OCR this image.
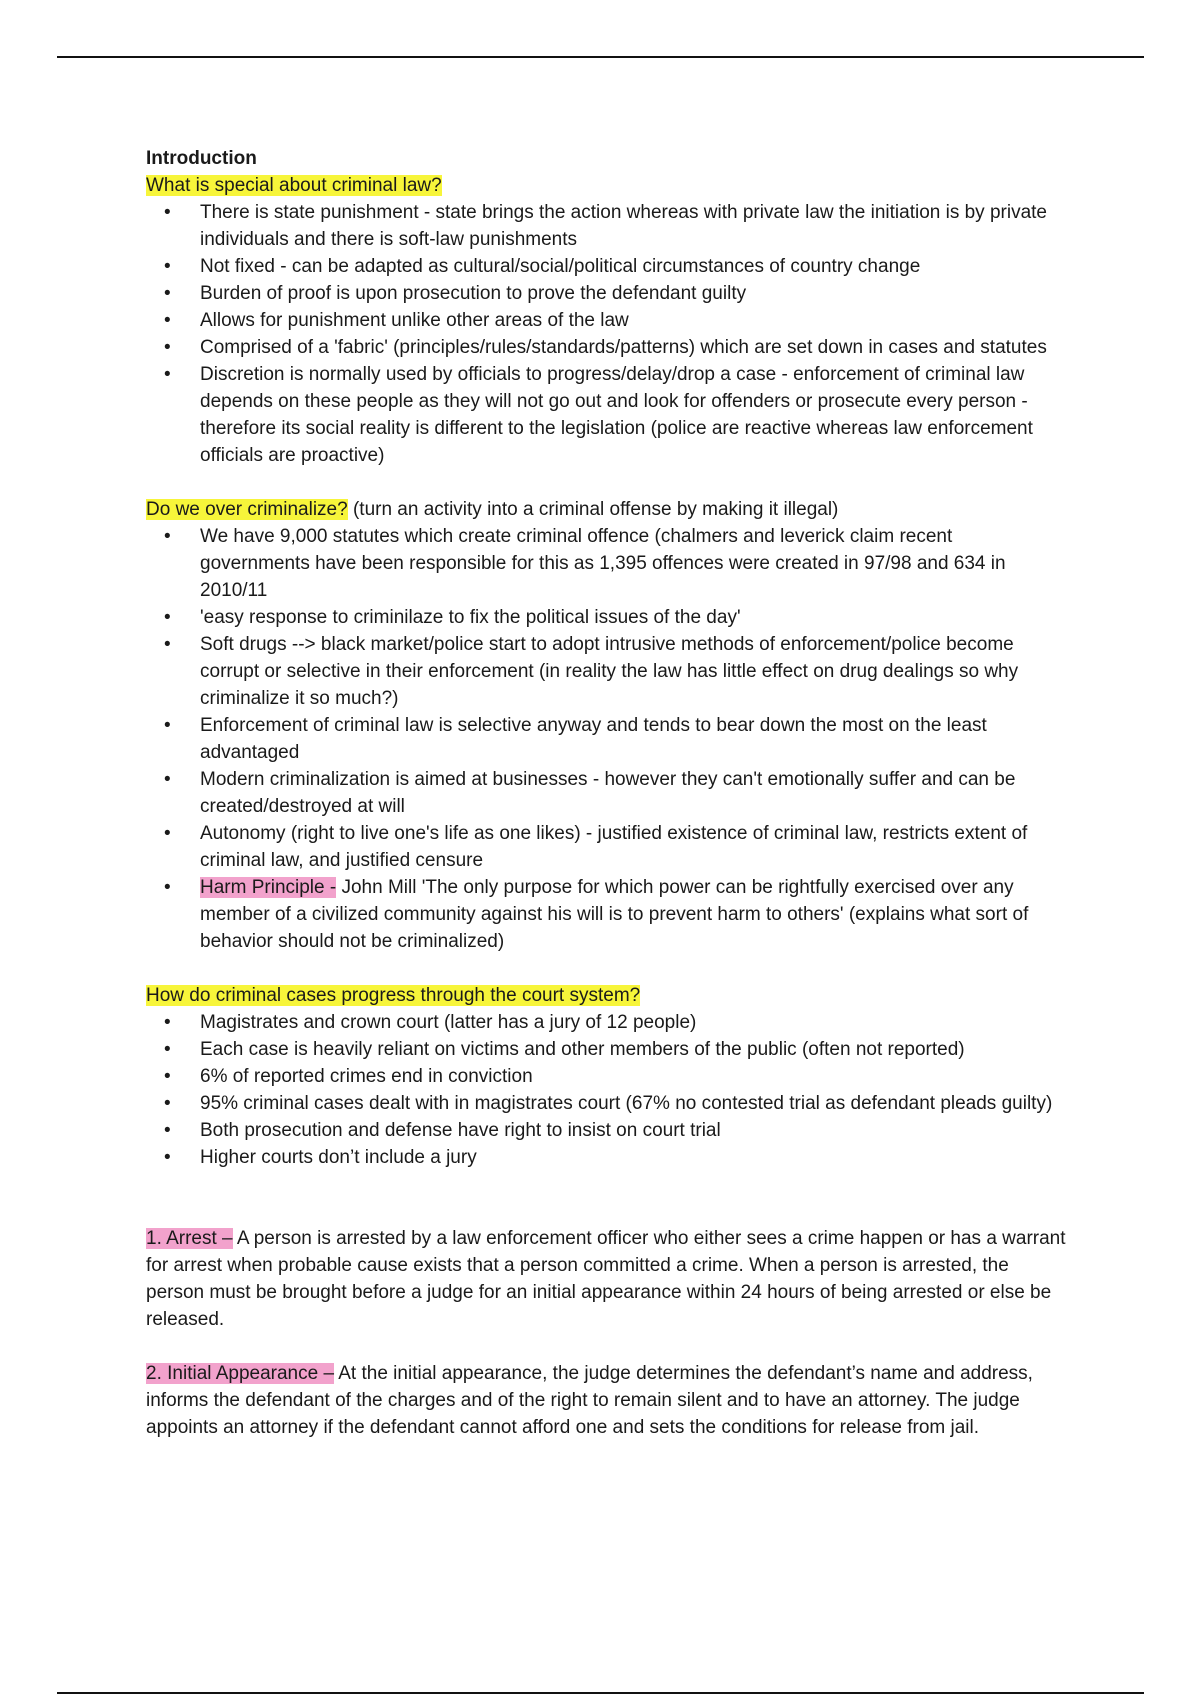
Introduction

What is special about criminal law?

• There is state punishment - state brings the action whereas with private law the initiation is by private individuals and there is soft-law punishments
• Not fixed - can be adapted as cultural/social/political circumstances of country change
• Burden of proof is upon prosecution to prove the defendant guilty
• Allows for punishment unlike other areas of the law
• Comprised of a 'fabric' (principles/rules/standards/patterns) which are set down in cases and statutes
• Discretion is normally used by officials to progress/delay/drop a case - enforcement of criminal law depends on these people as they will not go out and look for offenders or prosecute every person - therefore its social reality is different to the legislation (police are reactive whereas law enforcement officials are proactive)

Do we over criminalize? (turn an activity into a criminal offense by making it illegal)

• We have 9,000 statutes which create criminal offence (chalmers and leverick claim recent governments have been responsible for this as 1,395 offences were created in 97/98 and 634 in 2010/11
• 'easy response to criminilaze to fix the political issues of the day'
• Soft drugs --> black market/police start to adopt intrusive methods of enforcement/police become corrupt or selective in their enforcement (in reality the law has little effect on drug dealings so why criminalize it so much?)
• Enforcement of criminal law is selective anyway and tends to bear down the most on the least advantaged
• Modern criminalization is aimed at businesses - however they can't emotionally suffer and can be created/destroyed at will
• Autonomy (right to live one's life as one likes) - justified existence of criminal law, restricts extent of criminal law, and justified censure
• Harm Principle - John Mill 'The only purpose for which power can be rightfully exercised over any member of a civilized community against his will is to prevent harm to others' (explains what sort of behavior should not be criminalized)

How do criminal cases progress through the court system?

• Magistrates and crown court (latter has a jury of 12 people)
• Each case is heavily reliant on victims and other members of the public (often not reported)
• 6% of reported crimes end in conviction
• 95% criminal cases dealt with in magistrates court (67% no contested trial as defendant pleads guilty)
• Both prosecution and defense have right to insist on court trial
• Higher courts don’t include a jury

1. Arrest – A person is arrested by a law enforcement officer who either sees a crime happen or has a warrant for arrest when probable cause exists that a person committed a crime. When a person is arrested, the person must be brought before a judge for an initial appearance within 24 hours of being arrested or else be released.

2. Initial Appearance – At the initial appearance, the judge determines the defendant’s name and address, informs the defendant of the charges and of the right to remain silent and to have an attorney. The judge appoints an attorney if the defendant cannot afford one and sets the conditions for release from jail.
